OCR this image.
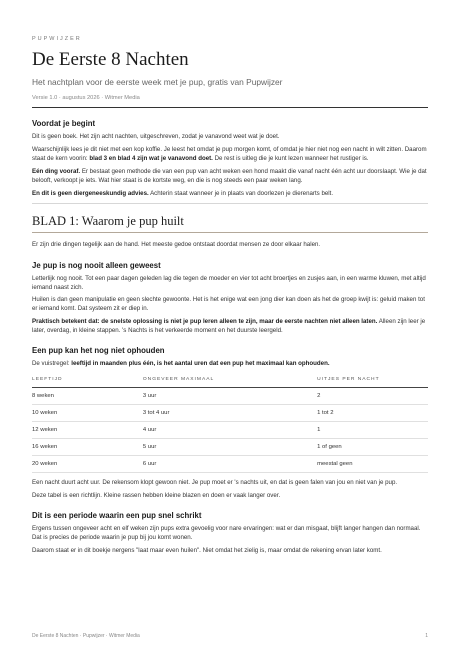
PUPWIJZER
De Eerste 8 Nachten
Het nachtplan voor de eerste week met je pup, gratis van Pupwijzer
Versie 1.0 · augustus 2026 · Witmer Media
Voordat je begint

Dit is geen boek. Het zijn acht nachten, uitgeschreven, zodat je vanavond weet wat je doet.

Waarschijnlijk lees je dit niet met een kop koffie. Je leest het omdat je pup morgen komt, of omdat je hier niet nog een nacht in wilt zitten. Daarom staat de kern voorin: blad 3 en blad 4 zijn wat je vanavond doet. De rest is uitleg die je kunt lezen wanneer het rustiger is.

Eén ding vooraf. Er bestaat geen methode die van een pup van acht weken een hond maakt die vanaf nacht één acht uur doorslaapt. Wie je dat belooft, verkoopt je iets. Wat hier staat is de kortste weg, en die is nog steeds een paar weken lang.

En dit is geen diergeneeskundig advies. Achterin staat wanneer je in plaats van doorlezen je dierenarts belt.

BLAD 1: Waarom je pup huilt

Er zijn drie dingen tegelijk aan de hand. Het meeste gedoe ontstaat doordat mensen ze door elkaar halen.

Je pup is nog nooit alleen geweest

Letterlijk nog nooit. Tot een paar dagen geleden lag die tegen de moeder en vier tot acht broertjes en zusjes aan, in een warme kluwen, met altijd iemand naast zich.

Huilen is dan geen manipulatie en geen slechte gewoonte. Het is het enige wat een jong dier kan doen als het de groep kwijt is: geluid maken tot er iemand komt. Dat systeem zit er diep in.

Praktisch betekent dat: de snelste oplossing is niet je pup leren alleen te zijn, maar de eerste nachten niet alleen laten. Alleen zijn leer je later, overdag, in kleine stappen. 's Nachts is het verkeerde moment en het duurste leergeld.

Een pup kan het nog niet ophouden

De vuistregel: leeftijd in maanden plus één, is het aantal uren dat een pup het maximaal kan ophouden.

LEEFTIJD	ONGEVEER MAXIMAAL	UITJES PER NACHT
8 weken	3 uur	2
10 weken	3 tot 4 uur	1 tot 2
12 weken	4 uur	1
16 weken	5 uur	1 of geen
20 weken	6 uur	meestal geen

Een nacht duurt acht uur. De rekensom klopt gewoon niet. Je pup moet er 's nachts uit, en dat is geen falen van jou en niet van je pup.

Deze tabel is een richtlijn. Kleine rassen hebben kleine blazen en doen er vaak langer over.

Dit is een periode waarin een pup snel schrikt

Ergens tussen ongeveer acht en elf weken zijn pups extra gevoelig voor nare ervaringen: wat er dan misgaat, blijft langer hangen dan normaal. Dat is precies de periode waarin je pup bij jou komt wonen.

Daarom staat er in dit boekje nergens "laat maar even huilen". Niet omdat het zielig is, maar omdat de rekening ervan later komt.

De Eerste 8 Nachten · Pupwijzer · Witmer Media	1
